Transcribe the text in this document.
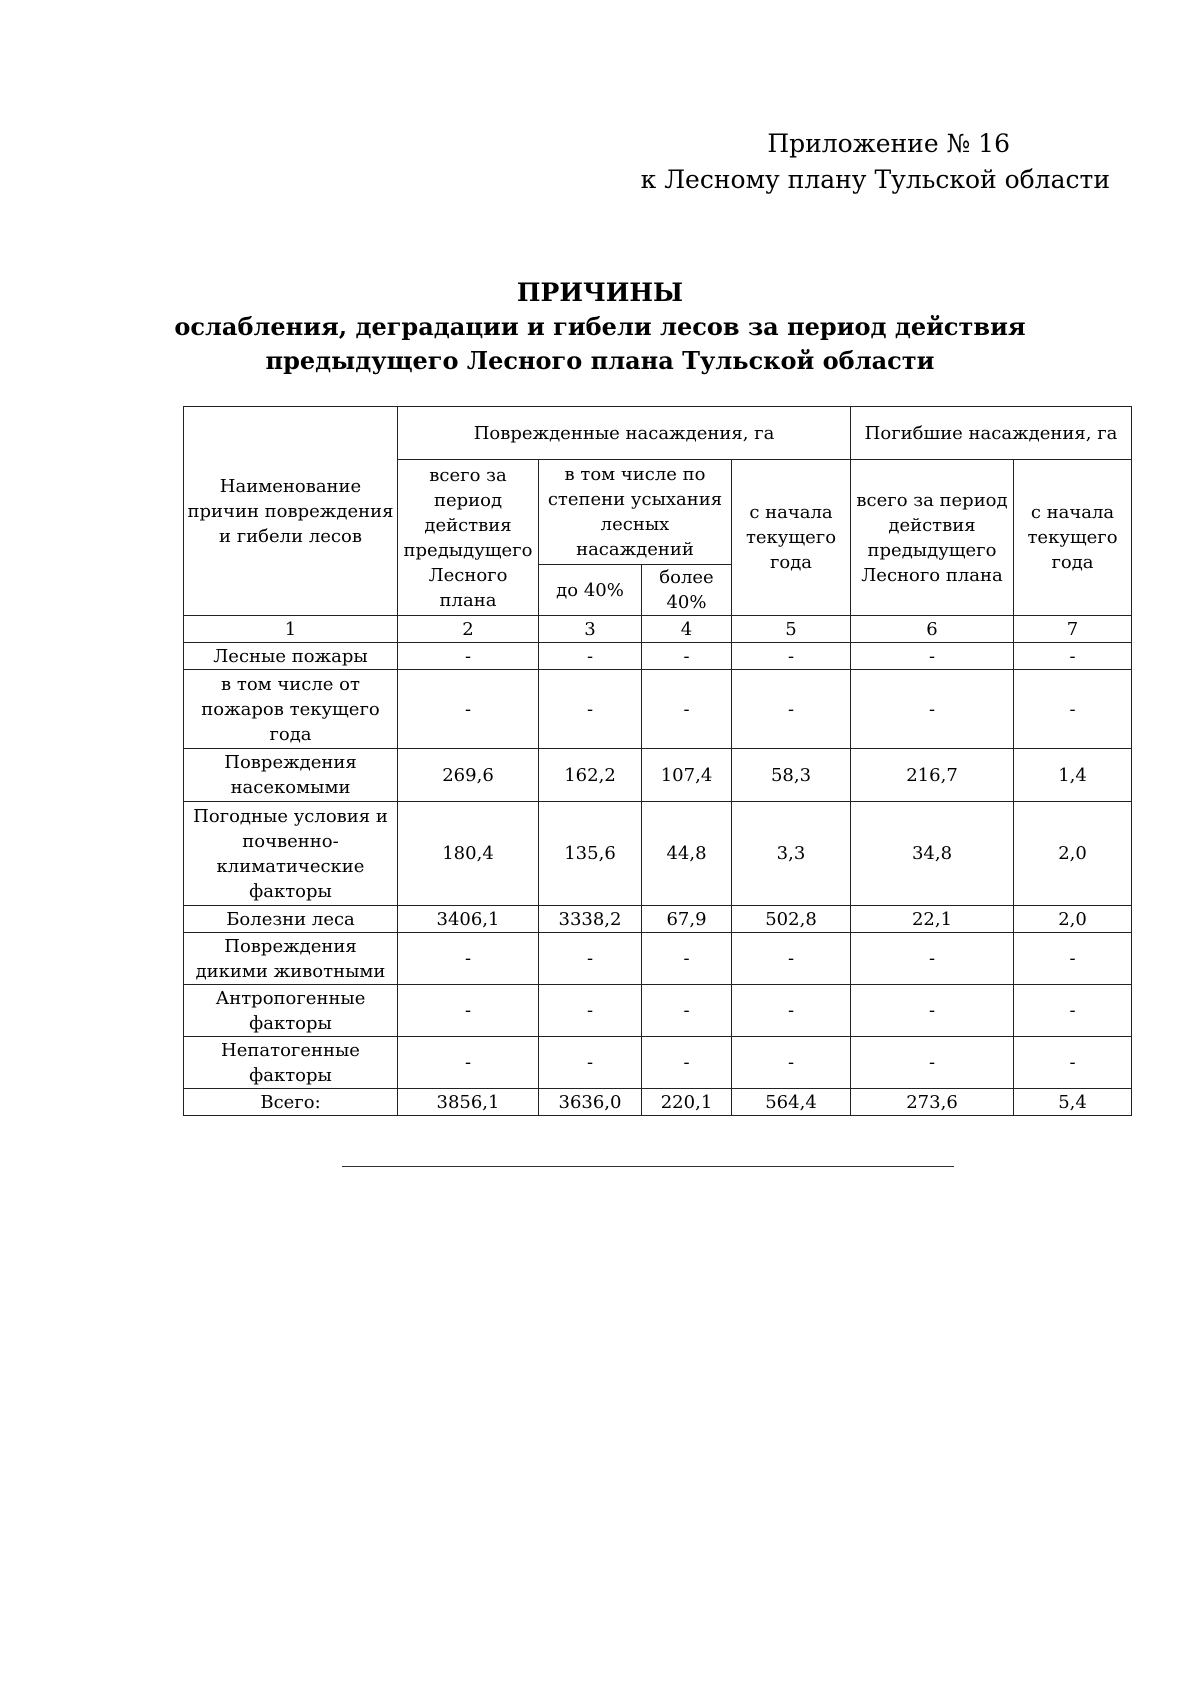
Приложение № 16
к Лесному плану Тульской области
ПРИЧИНЫ
ослабления, деградации и гибели лесов за период действия
предыдущего Лесного плана Тульской области
Наименование причин повреждения и гибели лесов	Поврежденные насаждения, га				Погибшие насаждения, га	
	всего за период действия предыдущего Лесного плана	в том числе по степени усыхания лесных насаждений		с начала текущего года	всего за период действия предыдущего Лесного плана	с начала текущего года
		до 40%	более 40%			
1	2	3	4	5	6	7
Лесные пожары	-	-	-	-	-	-
в том числе от пожаров текущего года	-	-	-	-	-	-
Повреждения насекомыми	269,6	162,2	107,4	58,3	216,7	1,4
Погодные условия и почвенно-климатические факторы	180,4	135,6	44,8	3,3	34,8	2,0
Болезни леса	3406,1	3338,2	67,9	502,8	22,1	2,0
Повреждения дикими животными	-	-	-	-	-	-
Антропогенные факторы	-	-	-	-	-	-
Непатогенные факторы	-	-	-	-	-	-
Всего:	3856,1	3636,0	220,1	564,4	273,6	5,4
